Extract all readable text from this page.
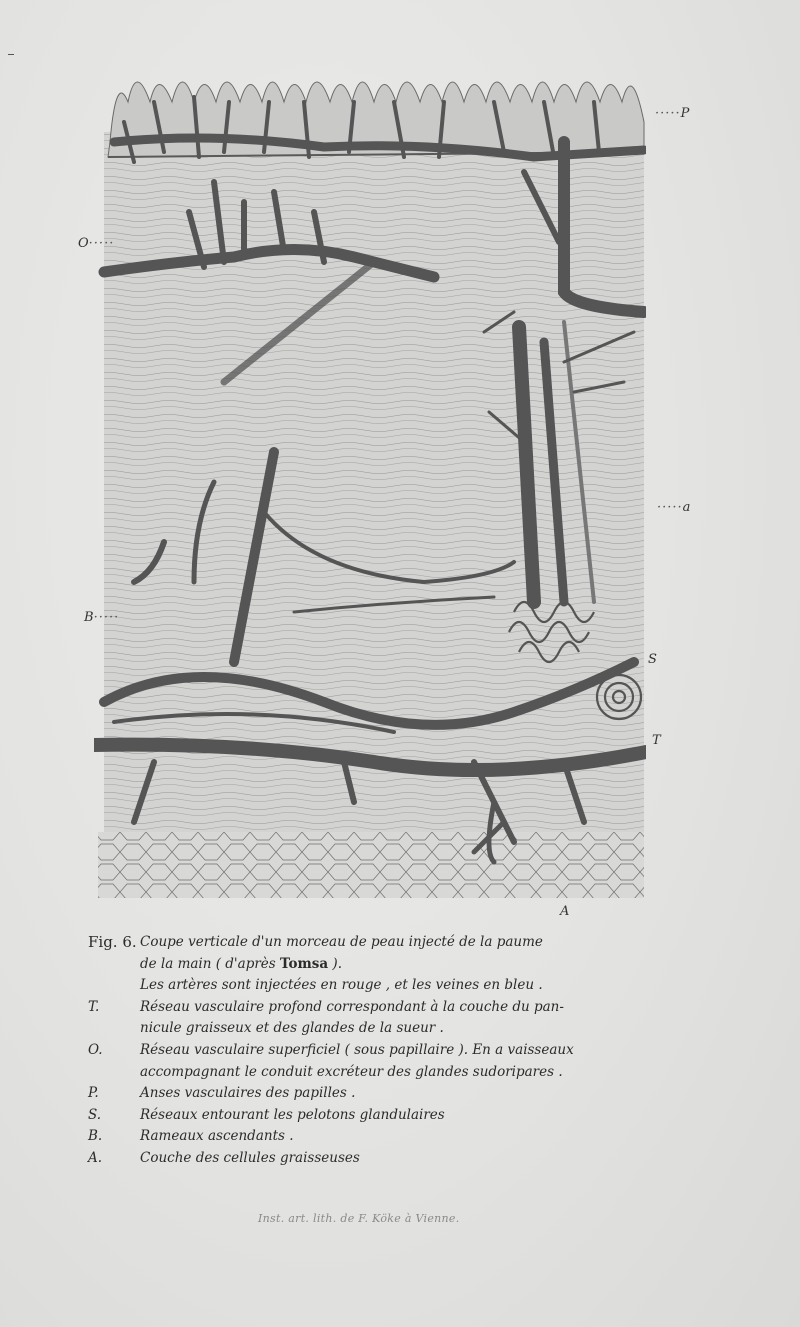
·····P
O·····
·····a
B·····
S
T
A
Fig. 6. Coupe verticale d'un morceau de peau injecté de la paume
de la main ( d'après Tomsa ).
Les artères sont injectées en rouge , et les veines en bleu .
T.	Réseau vasculaire profond correspondant à la couche du pan-
nicule graisseux et des glandes de la sueur .
O.	Réseau vasculaire superficiel ( sous papillaire ). En a vaisseaux
accompagnant le conduit excréteur des glandes sudoripares .
P.	Anses vasculaires des papilles .
S.	Réseaux entourant les pelotons glandulaires
B.	Rameaux ascendants .
A.	Couche des cellules graisseuses
Inst. art. lith. de F. Köke à Vienne.
